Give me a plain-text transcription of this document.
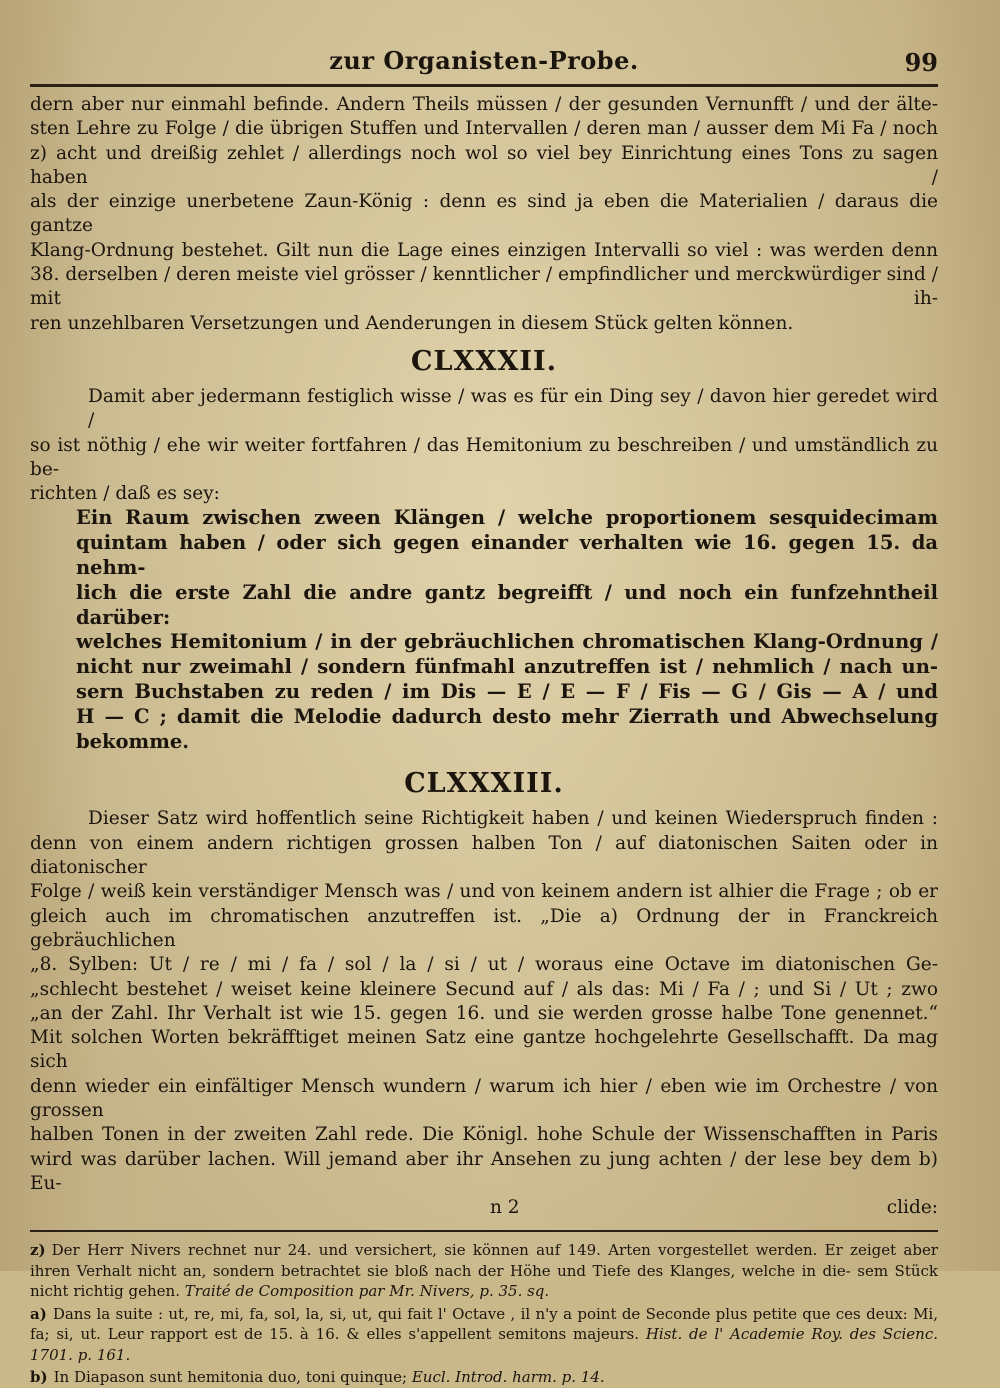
zur Organisten-Probe.	99
dern aber nur einmahl befinde. Andern Theils müssen / der gesunden Vernunfft / und der älte-
sten Lehre zu Folge / die übrigen Stuffen und Intervallen / deren man / ausser dem Mi Fa / noch
z) acht und dreißig zehlet / allerdings noch wol so viel bey Einrichtung eines Tons zu sagen haben /
als der einzige unerbetene Zaun-König : denn es sind ja eben die Materialien / daraus die gantze
Klang-Ordnung bestehet. Gilt nun die Lage eines einzigen Intervalli so viel : was werden denn
38. derselben / deren meiste viel grösser / kenntlicher / empfindlicher und merckwürdiger sind / mit ih-
ren unzehlbaren Versetzungen und Aenderungen in diesem Stück gelten können.
CLXXXII.
Damit aber jedermann festiglich wisse / was es für ein Ding sey / davon hier geredet wird /
so ist nöthig / ehe wir weiter fortfahren / das Hemitonium zu beschreiben / und umständlich zu be-
richten / daß es sey:
Ein Raum zwischen zween Klängen / welche proportionem sesquidecimam
quintam haben / oder sich gegen einander verhalten wie 16. gegen 15. da nehm-
lich die erste Zahl die andre gantz begreifft / und noch ein funfzehntheil darüber:
welches Hemitonium / in der gebräuchlichen chromatischen Klang-Ordnung /
nicht nur zweimahl / sondern fünfmahl anzutreffen ist / nehmlich / nach un-
sern Buchstaben zu reden / im Dis — E / E — F / Fis — G / Gis — A / und
H — C ; damit die Melodie dadurch desto mehr Zierrath und Abwechselung
bekomme.
CLXXXIII.
Dieser Satz wird hoffentlich seine Richtigkeit haben / und keinen Wiederspruch finden :
denn von einem andern richtigen grossen halben Ton / auf diatonischen Saiten oder in diatonischer
Folge / weiß kein verständiger Mensch was / und von keinem andern ist alhier die Frage ; ob er
gleich auch im chromatischen anzutreffen ist. „Die a) Ordnung der in Franckreich gebräuchlichen
„8. Sylben: Ut / re / mi / fa / sol / la / si / ut / woraus eine Octave im diatonischen Ge-
„schlecht bestehet / weiset keine kleinere Secund auf / als das: Mi / Fa / ; und Si / Ut ; zwo
„an der Zahl. Ihr Verhalt ist wie 15. gegen 16. und sie werden grosse halbe Tone genennet.“
Mit solchen Worten bekräfftiget meinen Satz eine gantze hochgelehrte Gesellschafft. Da mag sich
denn wieder ein einfältiger Mensch wundern / warum ich hier / eben wie im Orchestre / von grossen
halben Tonen in der zweiten Zahl rede. Die Königl. hohe Schule der Wissenschafften in Paris
wird was darüber lachen. Will jemand aber ihr Ansehen zu jung achten / der lese bey dem b) Eu-
n 2	clide:

z) Der Herr Nivers rechnet nur 24. und versichert, sie können auf 149. Arten vorgestellet werden. Er zeiget aber ihren Verhalt nicht an, sondern betrachtet sie bloß nach der Höhe und Tiefe des Klanges, welche in die- sem Stück nicht richtig gehen. Traité de Composition par Mr. Nivers, p. 35. sq.

a) Dans la suite : ut, re, mi, fa, sol, la, si, ut, qui fait l' Octave , il n'y a point de Seconde plus petite que ces deux: Mi, fa; si, ut. Leur rapport est de 15. à 16. & elles s'appellent semitons majeurs. Hist. de l' Academie Roy. des Scienc. 1701. p. 161.

b) In Diapason sunt hemitonia duo, toni quinque; Eucl. Introd. harm. p. 14.
